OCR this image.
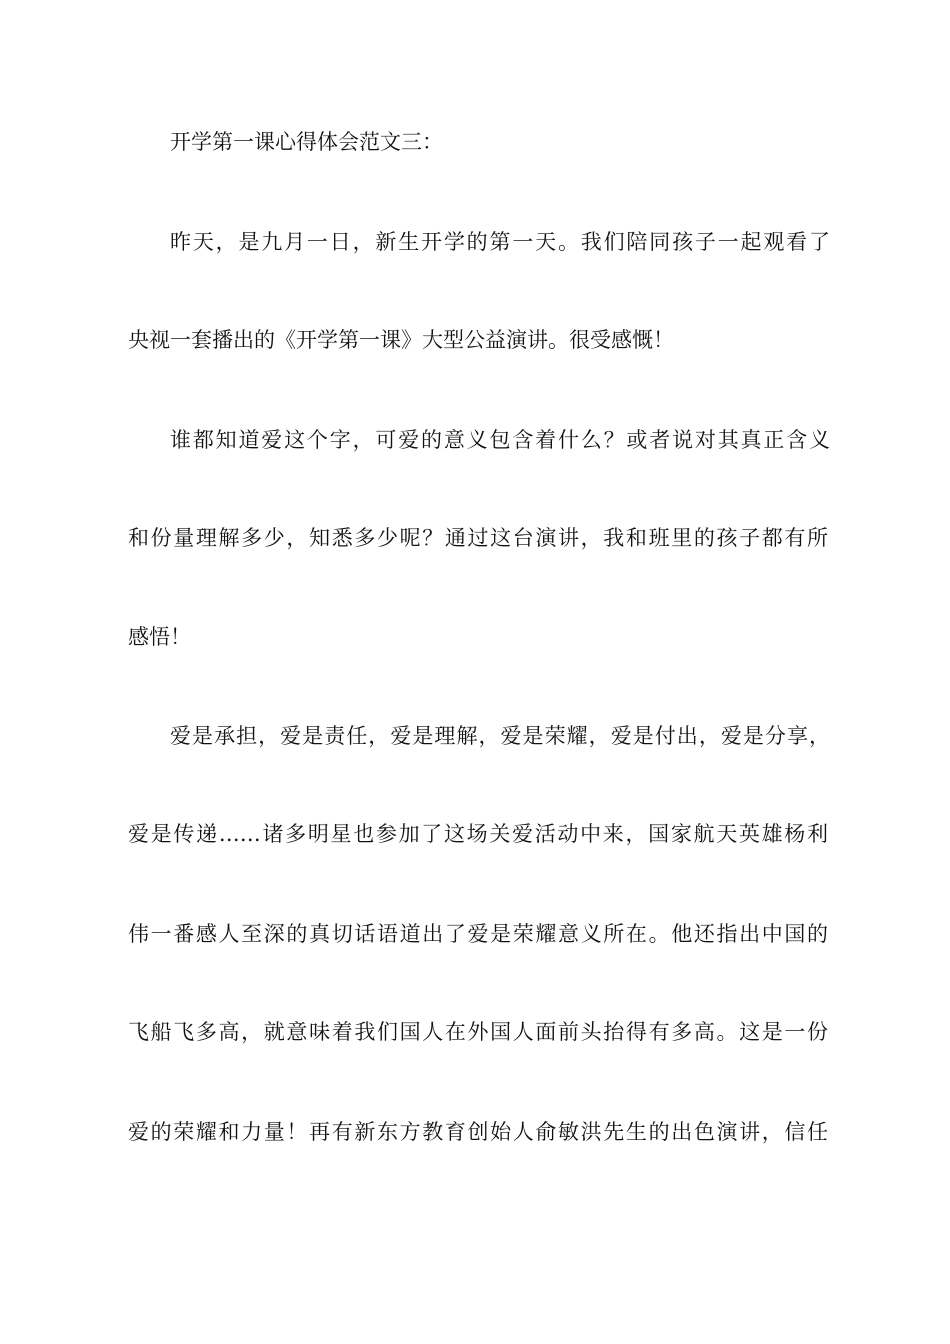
开学第一课心得体会范文三：
昨天，是九月一日，新生开学的第一天。我们陪同孩子一起观看了
央视一套播出的《开学第一课》大型公益演讲。很受感慨！
谁都知道爱这个字，可爱的意义包含着什么？或者说对其真正含义
和份量理解多少，知悉多少呢？通过这台演讲，我和班里的孩子都有所
感悟！
爱是承担，爱是责任，爱是理解，爱是荣耀，爱是付出，爱是分享，
爱是传递……诸多明星也参加了这场关爱活动中来，国家航天英雄杨利
伟一番感人至深的真切话语道出了爱是荣耀意义所在。他还指出中国的
飞船飞多高，就意味着我们国人在外国人面前头抬得有多高。这是一份
爱的荣耀和力量！再有新东方教育创始人俞敏洪先生的出色演讲，信任
